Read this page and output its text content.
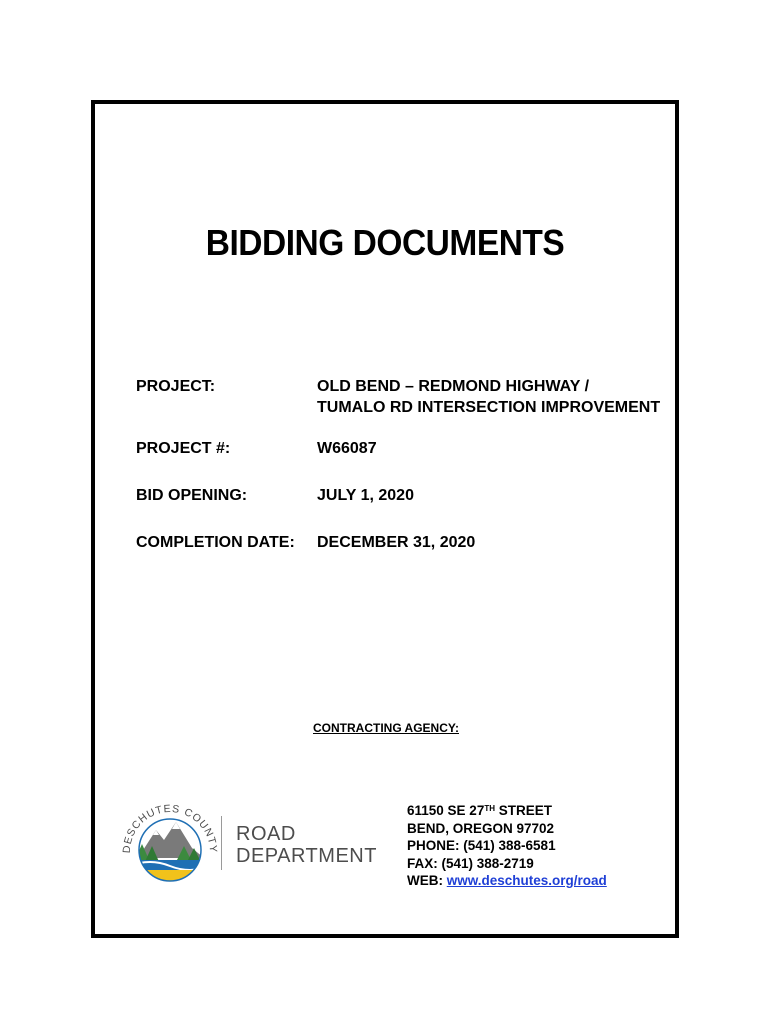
BIDDING DOCUMENTS
PROJECT:	OLD BEND – REDMOND HIGHWAY /
TUMALO RD INTERSECTION IMPROVEMENT
PROJECT #:	W66087
BID OPENING:	JULY 1, 2020
COMPLETION DATE: DECEMBER 31, 2020
CONTRACTING AGENCY:
DESCHUTES COUNTY
ROAD
DEPARTMENT
61150 SE 27TH STREET
BEND, OREGON 97702
PHONE: (541) 388-6581
FAX: (541) 388-2719
WEB: www.deschutes.org/road
